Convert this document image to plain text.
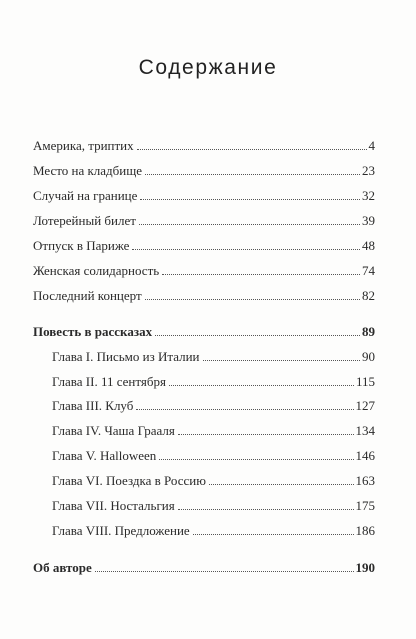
Содержание
Америка, триптих	4
Место на кладбище	23
Случай на границе	32
Лотерейный билет	39
Отпуск в Париже	48
Женская солидарность	74
Последний концерт	82
Повесть в рассказах	89
Глава I. Письмо из Италии	90
Глава II. 11 сентября	115
Глава III. Клуб	127
Глава IV. Чаша Грааля	134
Глава V. Halloween	146
Глава VI. Поездка в Россию	163
Глава VII. Ностальгия	175
Глава VIII. Предложение	186
Об авторе	190
